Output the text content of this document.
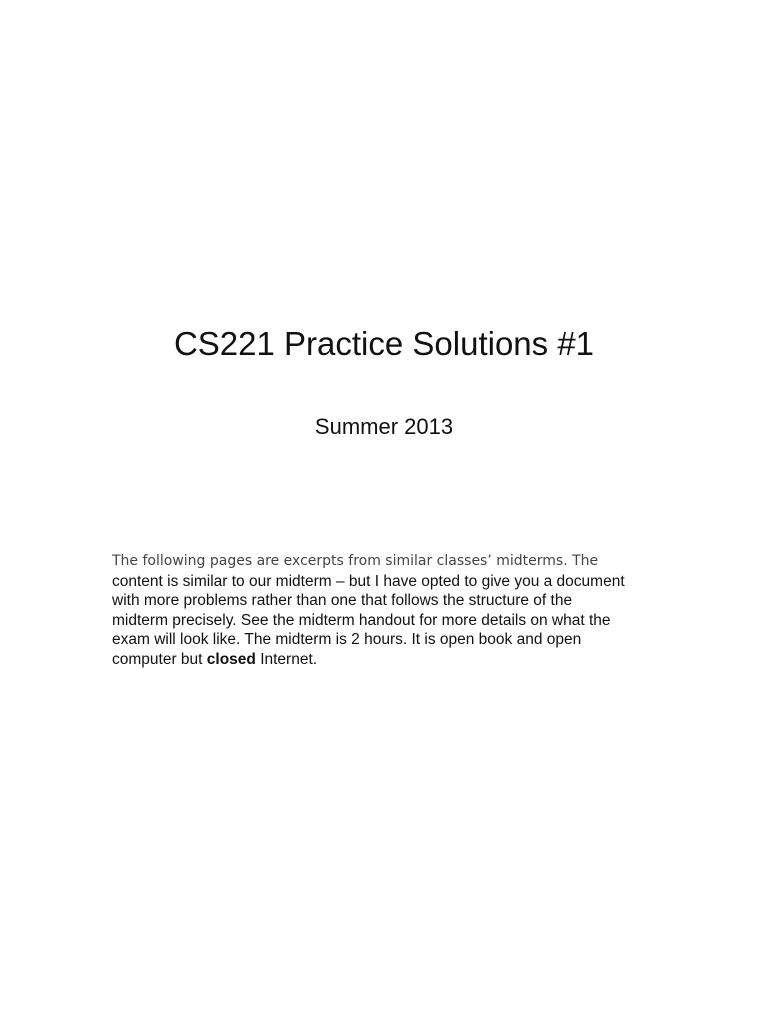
CS221 Practice Solutions #1
Summer 2013

The following pages are excerpts from similar classes’ midterms. The
content is similar to our midterm – but I have opted to give you a document
with more problems rather than one that follows the structure of the
midterm precisely. See the midterm handout for more details on what the
exam will look like. The midterm is 2 hours. It is open book and open
computer but closed Internet.
